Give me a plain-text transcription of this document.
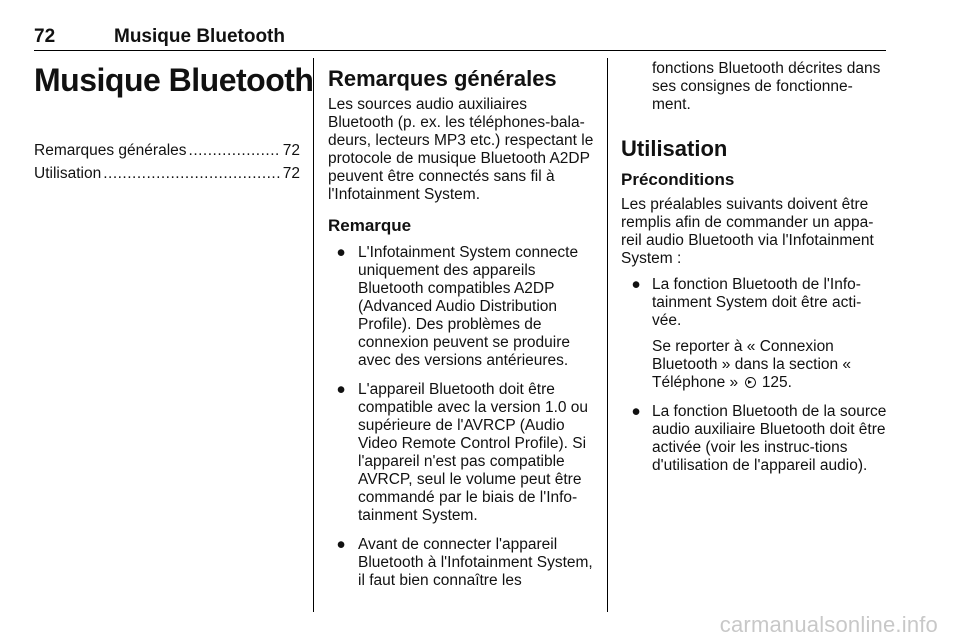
72	Musique Bluetooth
Musique Bluetooth
Remarques générales .....	72
Utilisation .....	72
Remarques générales

Les sources audio auxiliaires Bluetooth (p. ex. les téléphones-bala-deurs, lecteurs MP3 etc.) respectant le protocole de musique Bluetooth A2DP peuvent être connectés sans fil à l'Infotainment System.

Remarque
● L'Infotainment System connecte uniquement des appareils Bluetooth compatibles A2DP (Advanced Audio Distribution Profile). Des problèmes de connexion peuvent se produire avec des versions antérieures.
● L'appareil Bluetooth doit être compatible avec la version 1.0 ou supérieure de l'AVRCP (Audio Video Remote Control Profile). Si l'appareil n'est pas compatible AVRCP, seul le volume peut être commandé par le biais de l'Info-tainment System.
● Avant de connecter l'appareil Bluetooth à l'Infotainment System, il faut bien connaître les

fonctions Bluetooth décrites dans ses consignes de fonctionne-ment.

Utilisation
Préconditions

Les préalables suivants doivent être remplis afin de commander un appa-reil audio Bluetooth via l'Infotainment System :

● La fonction Bluetooth de l'Info-tainment System doit être acti-vée.
Se reporter à « Connexion Bluetooth » dans la section « Téléphone » 125.
● La fonction Bluetooth de la source audio auxiliaire Bluetooth doit être activée (voir les instruc-tions d'utilisation de l'appareil audio).
carmanualsonline.info
